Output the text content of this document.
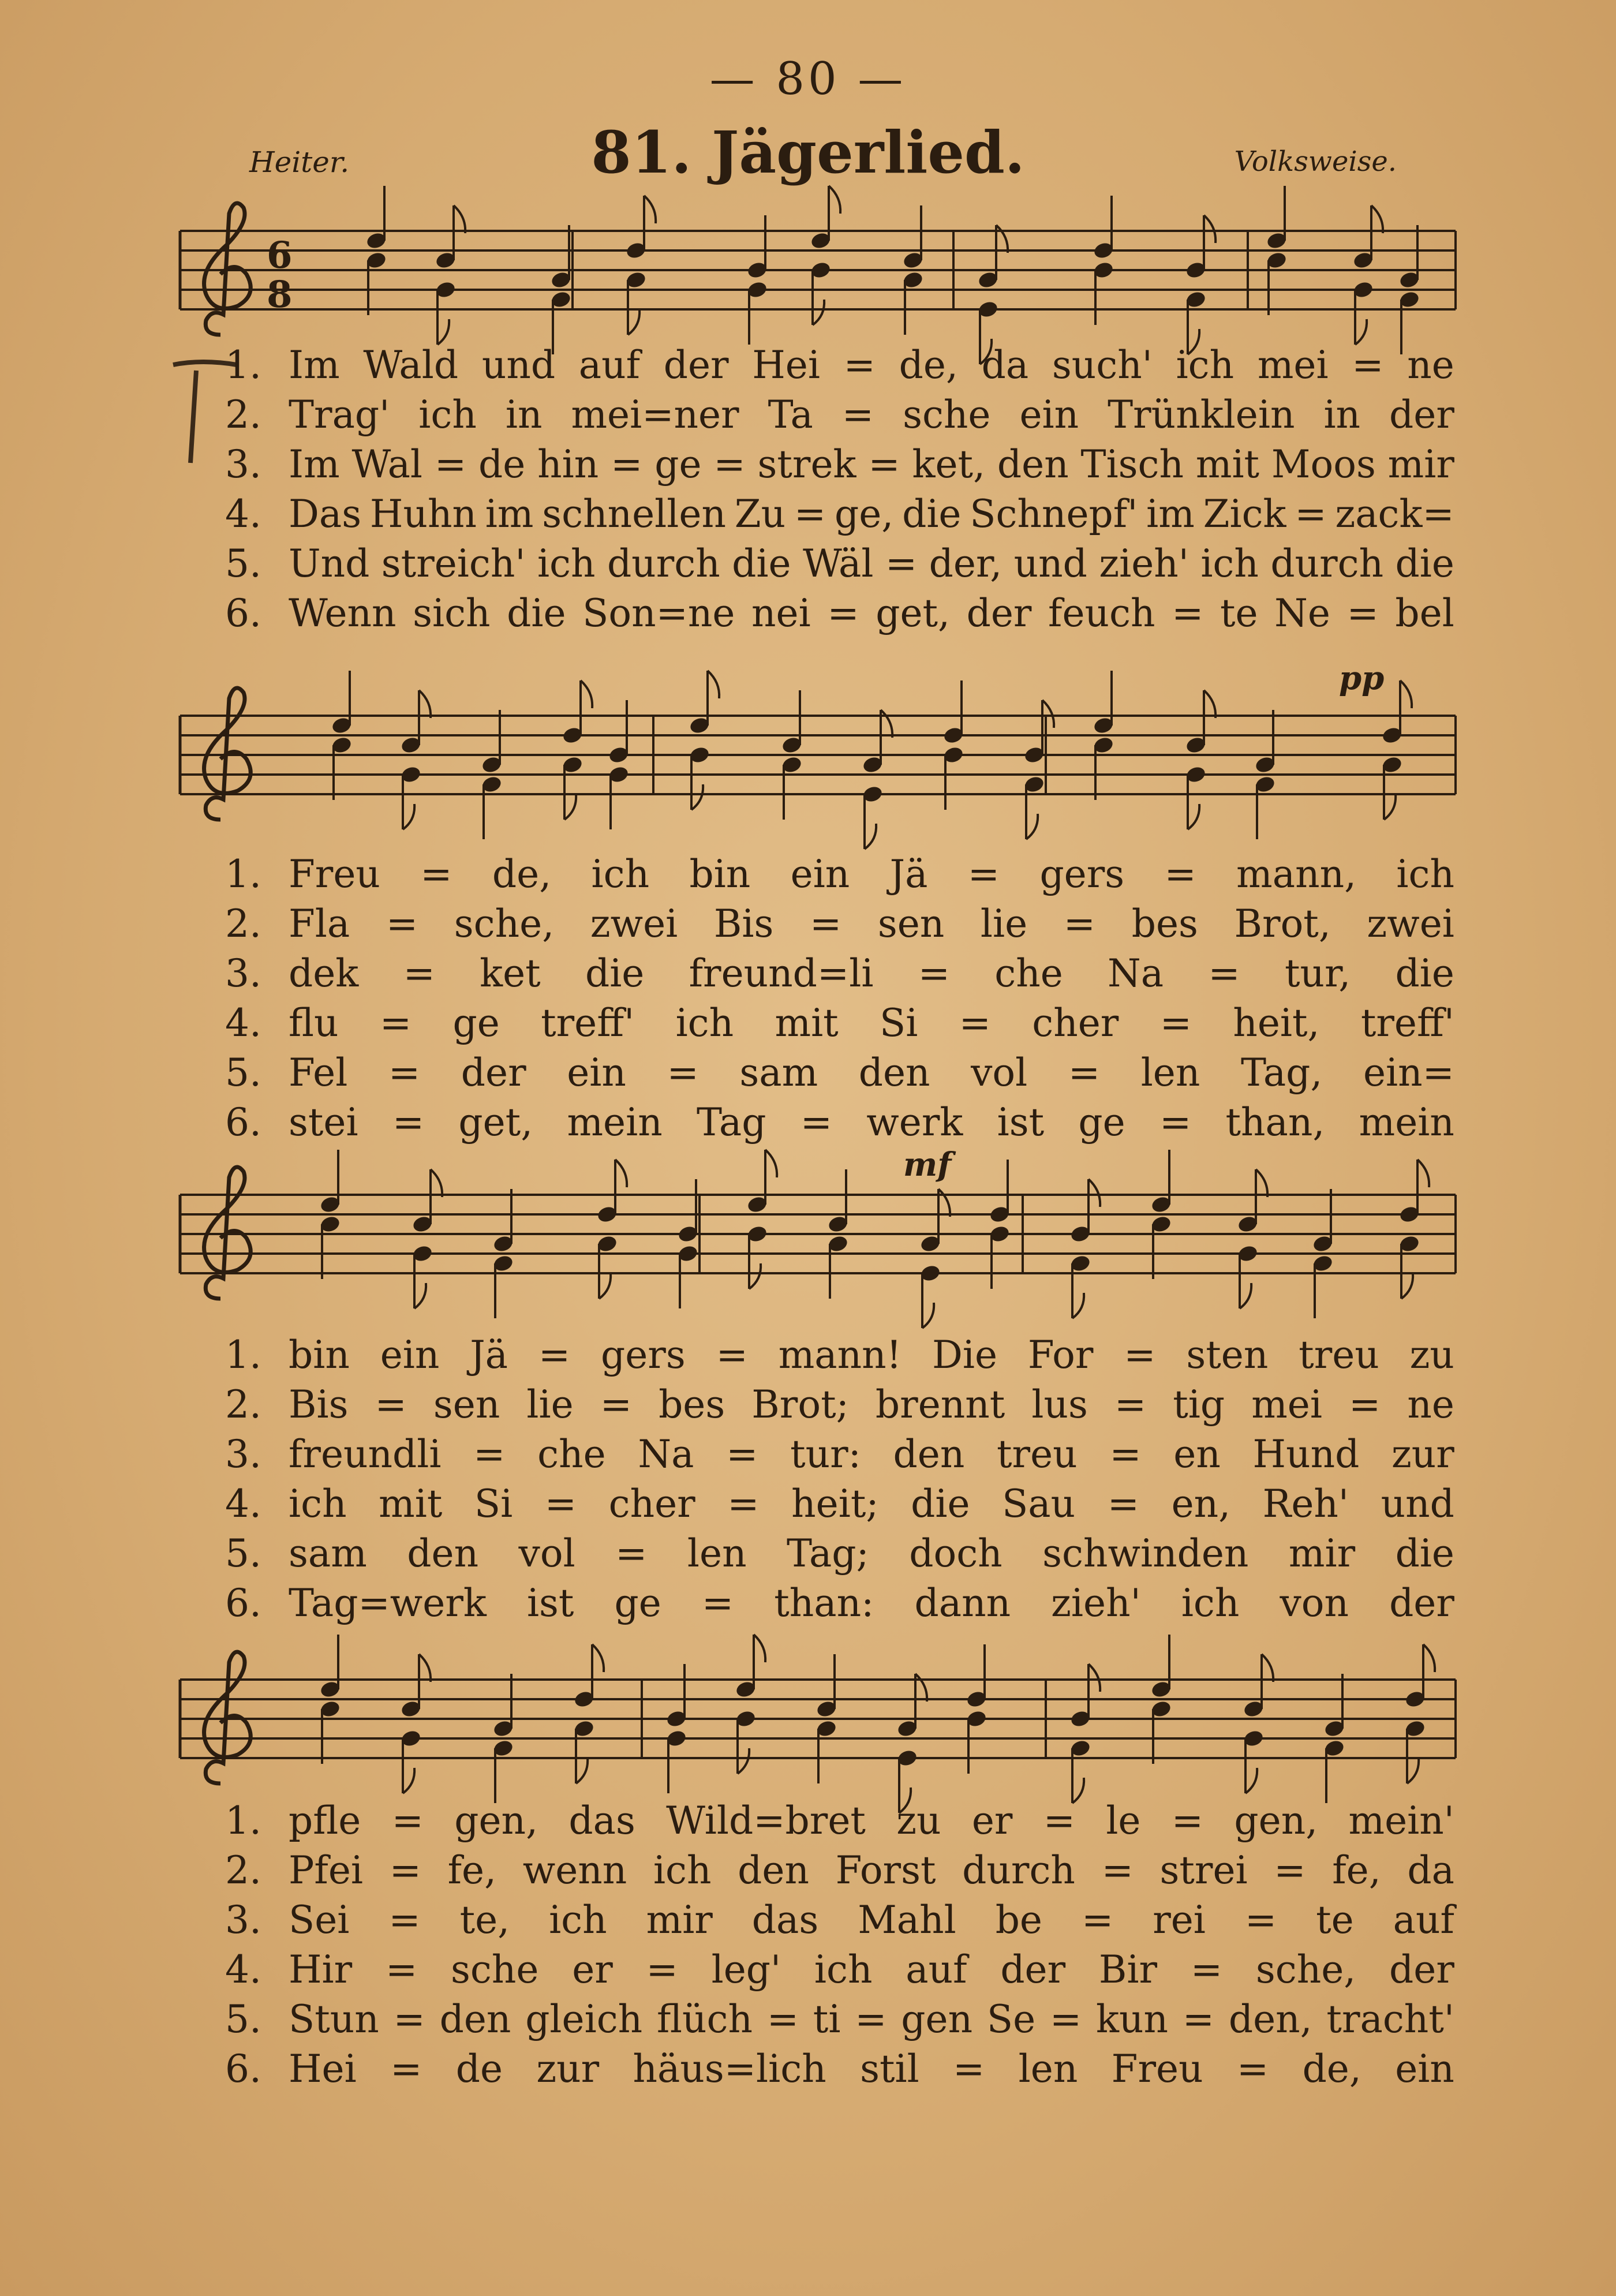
— 80 —
Heiter.	81. Jägerlied.	Volksweise.
6
8
1. Im Wald und auf der Hei = de, da such' ich mei = ne
2. Trag' ich in mei=ner Ta = sche ein Trünklein in der
3. Im Wal = de hin = ge = strek = ket, den Tisch mit Moos mir
4. Das Huhn im schnellen Zu = ge, die Schnepf' im Zick = zack=
5. Und streich' ich durch die Wäl = der, und zieh' ich durch die
6. Wenn sich die Son=ne nei = get, der feuch = te Ne = bel
pp
1. Freu = de, ich bin ein Jä = gers = mann, ich
2. Fla = sche, zwei Bis = sen lie = bes Brot, zwei
3. dek = ket die freund=li = che Na = tur, die
4. flu = ge treff' ich mit Si = cher = heit, treff'
5. Fel = der ein = sam den vol = len Tag, ein=
6. stei = get, mein Tag = werk ist ge = than, mein
mf
1. bin ein Jä = gers = mann! Die For = sten treu zu
2. Bis = sen lie = bes Brot; brennt lus = tig mei = ne
3. freundli = che Na = tur: den treu = en Hund zur
4. ich mit Si = cher = heit; die Sau = en, Reh' und
5. sam den vol = len Tag; doch schwinden mir die
6. Tag=werk ist ge = than: dann zieh' ich von der
1. pfle = gen, das Wild=bret zu er = le = gen, mein'
2. Pfei = fe, wenn ich den Forst durch = strei = fe, da
3. Sei = te, ich mir das Mahl be = rei = te auf
4. Hir = sche er = leg' ich auf der Bir = sche, der
5. Stun = den gleich flüch = ti = gen Se = kun = den, tracht'
6. Hei = de zur häus=lich stil = len Freu = de, ein
